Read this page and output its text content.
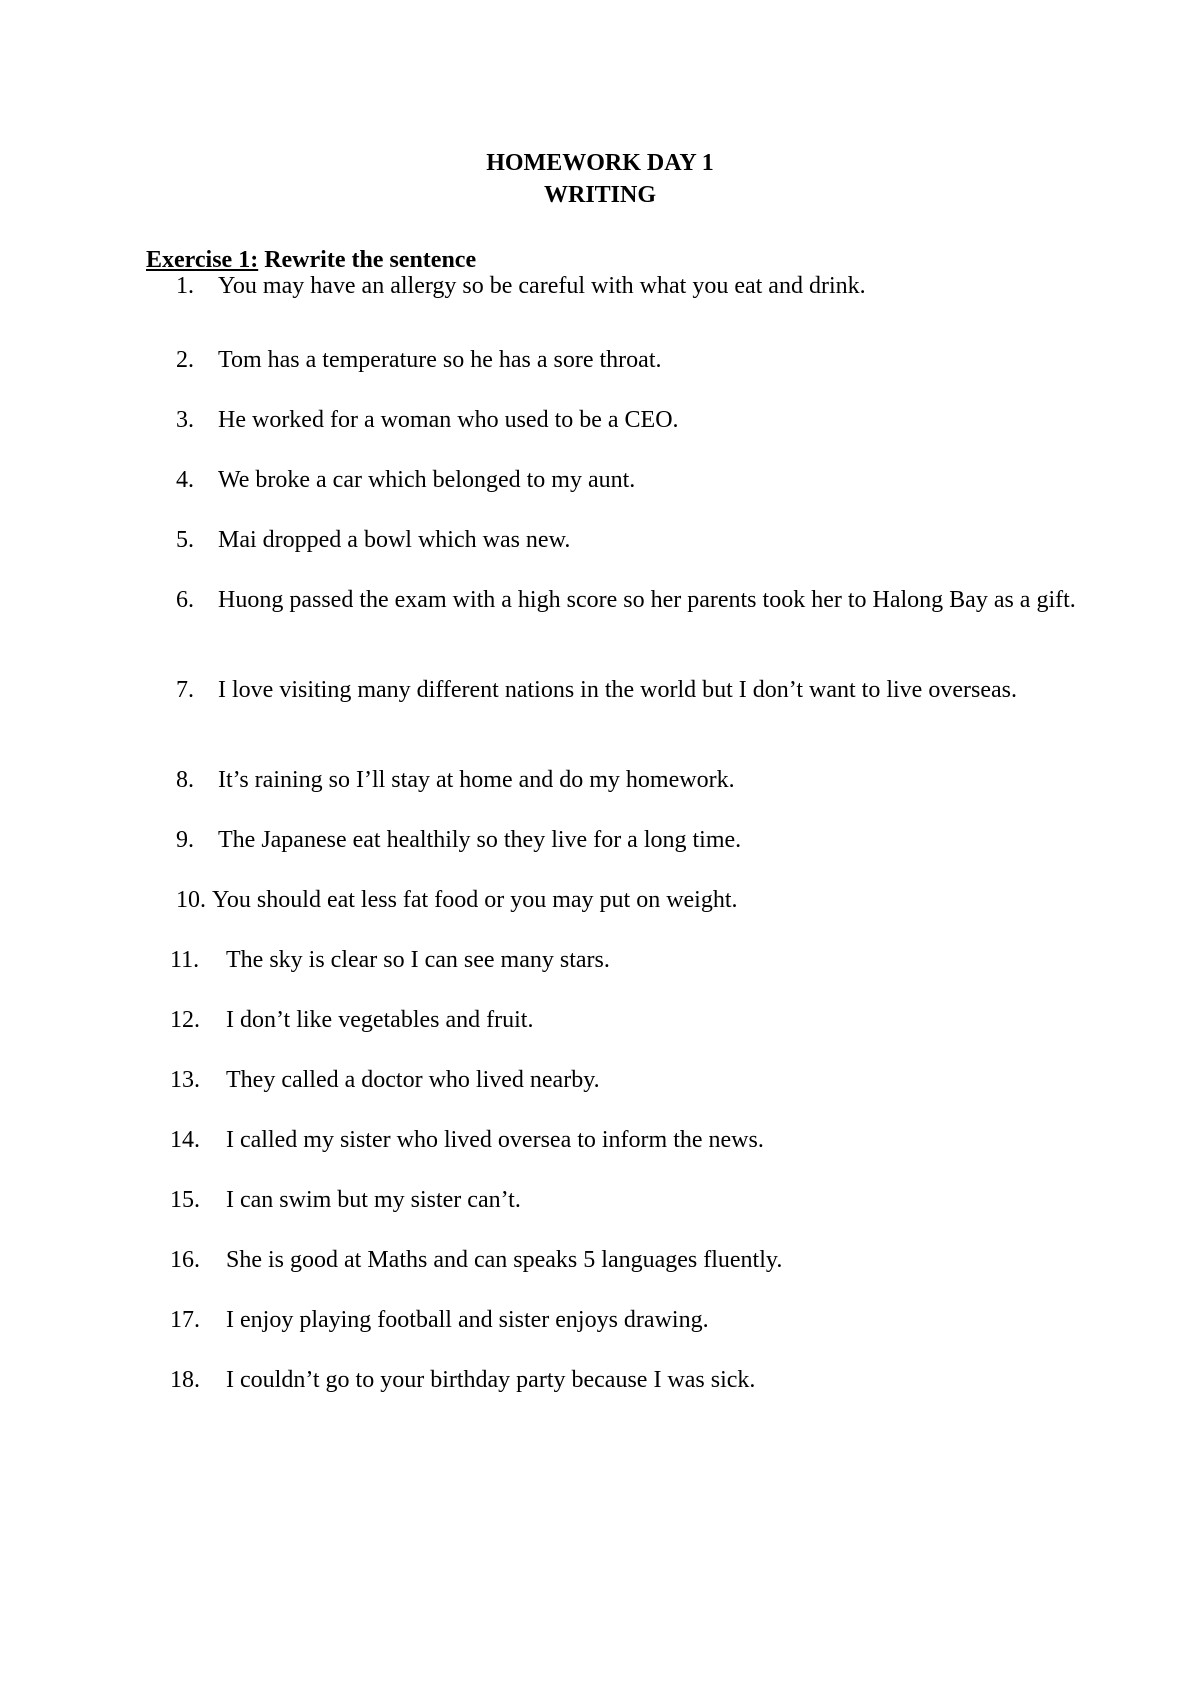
HOMEWORK DAY 1
WRITING
Exercise 1: Rewrite the sentence
1.	You may have an allergy so be careful with what you eat and drink.
2.	Tom has a temperature so he has a sore throat.
3.	He worked for a woman who used to be a CEO.
4.	We broke a car which belonged to my aunt.
5.	Mai dropped a bowl which was new.
6.	Huong passed the exam with a high score so her parents took her to Halong Bay as a gift.
7.	I love visiting many different nations in the world but I don’t want to live overseas.
8.	It’s raining so I’ll stay at home and do my homework.
9.	The Japanese eat healthily so they live for a long time.
10. You should eat less fat food or you may put on weight.
11.	The sky is clear so I can see many stars.
12.	I don’t like vegetables and fruit.
13.	They called a doctor who lived nearby.
14.	I called my sister who lived oversea to inform the news.
15.	I can swim but my sister can’t.
16.	She is good at Maths and can speaks 5 languages fluently.
17.	I enjoy playing football and sister enjoys drawing.
18.	I couldn’t go to your birthday party because I was sick.
